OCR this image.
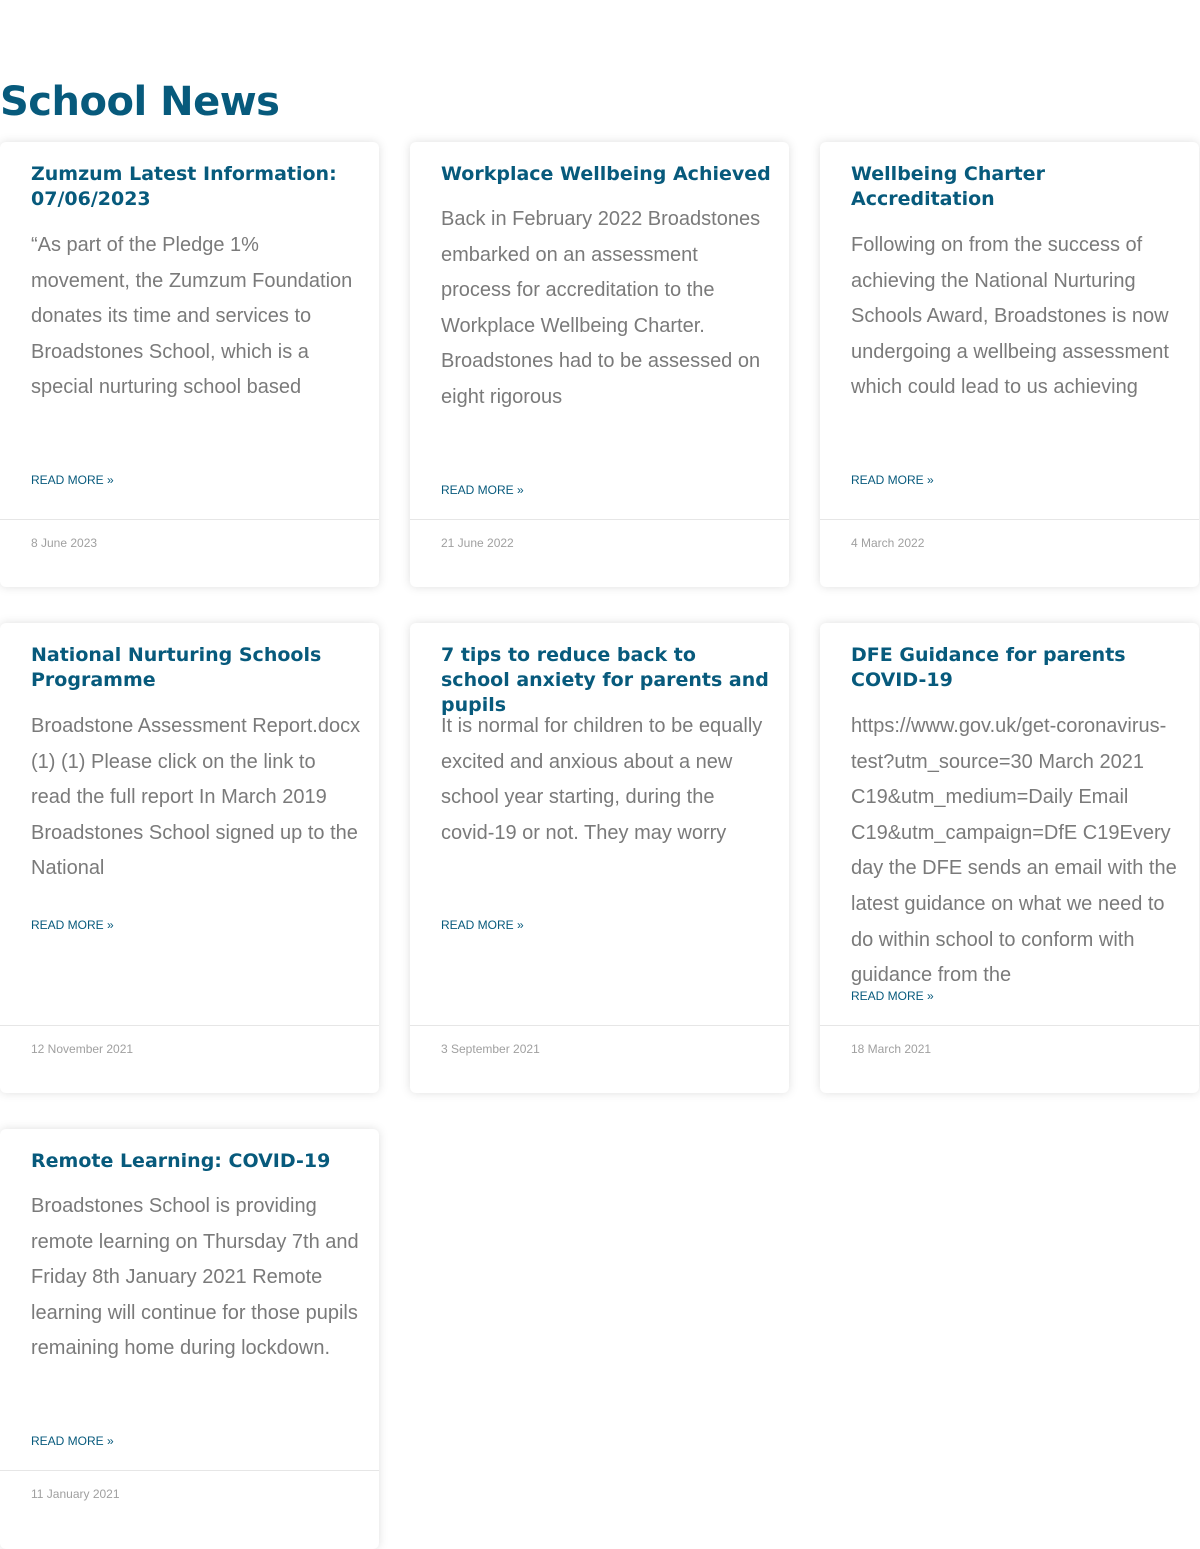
School News
Zumzum Latest Information: 07/06/2023

“As part of the Pledge 1% movement, the Zumzum Foundation donates its time and services to Broadstones School, which is a special nurturing school based

READ MORE »
8 June 2023
Workplace Wellbeing Achieved

Back in February 2022 Broadstones embarked on an assessment process for accreditation to the Workplace Wellbeing Charter. Broadstones had to be assessed on eight rigorous

READ MORE »
21 June 2022
Wellbeing Charter Accreditation

Following on from the success of achieving the National Nurturing Schools Award, Broadstones is now undergoing a wellbeing assessment which could lead to us achieving

READ MORE »
4 March 2022
National Nurturing Schools Programme

Broadstone Assessment Report.docx (1) (1) Please click on the link to read the full report In March 2019 Broadstones School signed up to the National

READ MORE »
12 November 2021
7 tips to reduce back to school anxiety for parents and pupils

It is normal for children to be equally excited and anxious about a new school year starting, during the covid-19 or not. They may worry

READ MORE »
3 September 2021
DFE Guidance for parents COVID-19

https://www.gov.uk/get-coronavirus-test?utm_source=30 March 2021 C19&utm_medium=Daily Email C19&utm_campaign=DfE C19Every day the DFE sends an email with the latest guidance on what we need to do within school to conform with guidance from the

READ MORE »
18 March 2021
Remote Learning: COVID-19

Broadstones School is providing remote learning on Thursday 7th and Friday 8th January 2021 Remote learning will continue for those pupils remaining home during lockdown.

READ MORE »
11 January 2021
